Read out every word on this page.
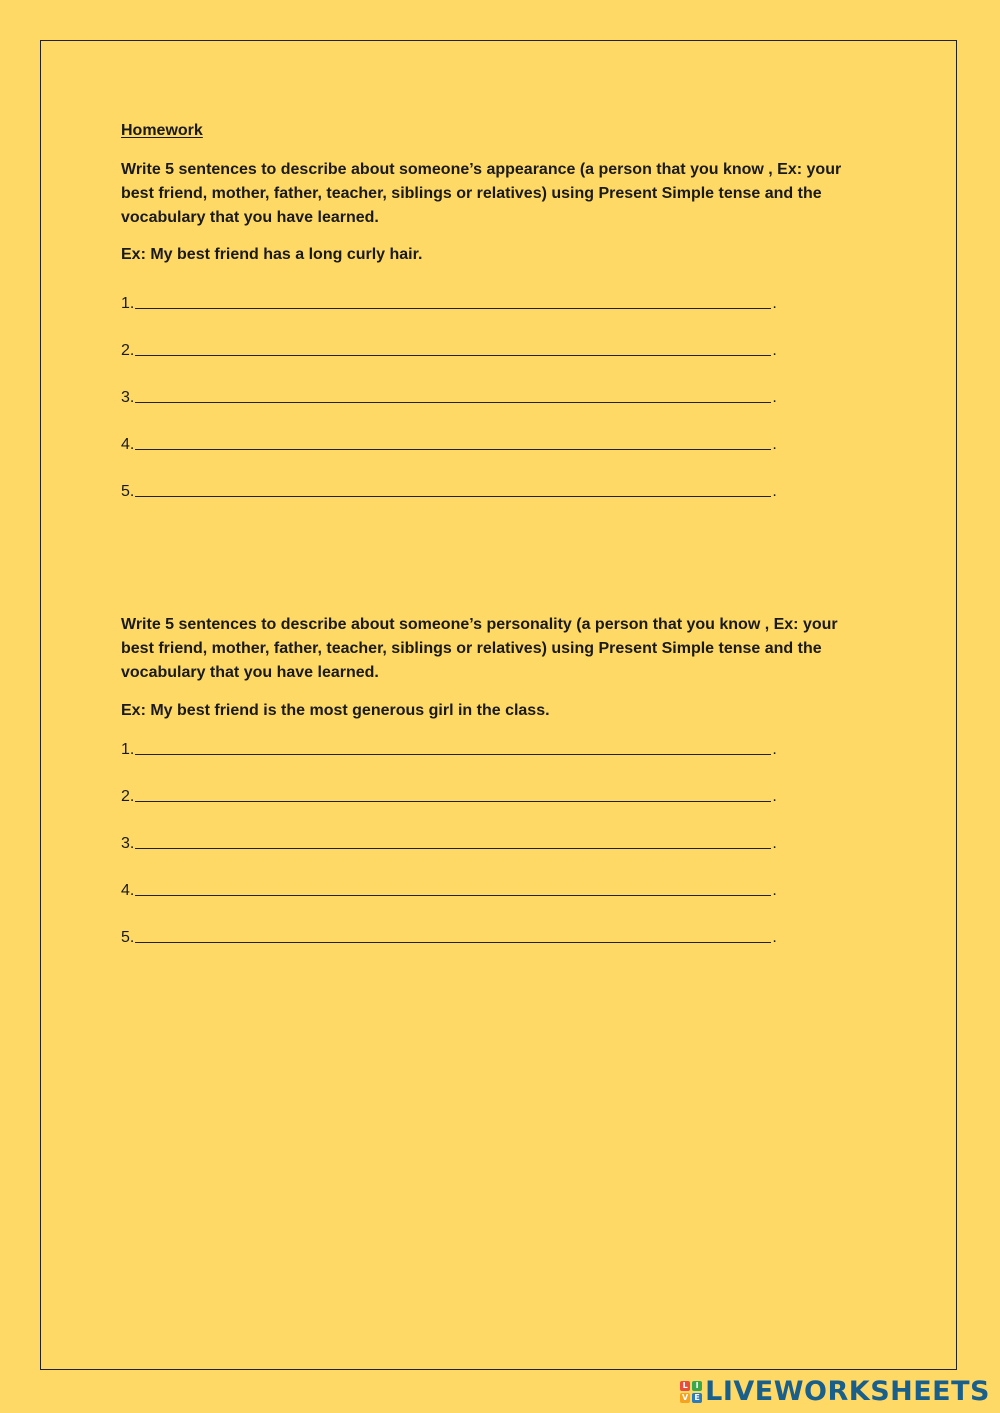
Homework
Write 5 sentences to describe about someone’s appearance (a person that you know , Ex: your best friend, mother, father, teacher, siblings or relatives) using Present Simple tense and the vocabulary that you have learned.
Ex: My best friend has a long curly hair.
1.	.
2.	.
3.	.
4.	.
5.	.
Write 5 sentences to describe about someone’s personality (a person that you know , Ex: your best friend, mother, father, teacher, siblings or relatives) using Present Simple tense and the vocabulary that you have learned.
Ex: My best friend is the most generous girl in the class.
1.	.
2.	.
3.	.
4.	.
5.	.
L I
V E LIVEWORKSHEETS
